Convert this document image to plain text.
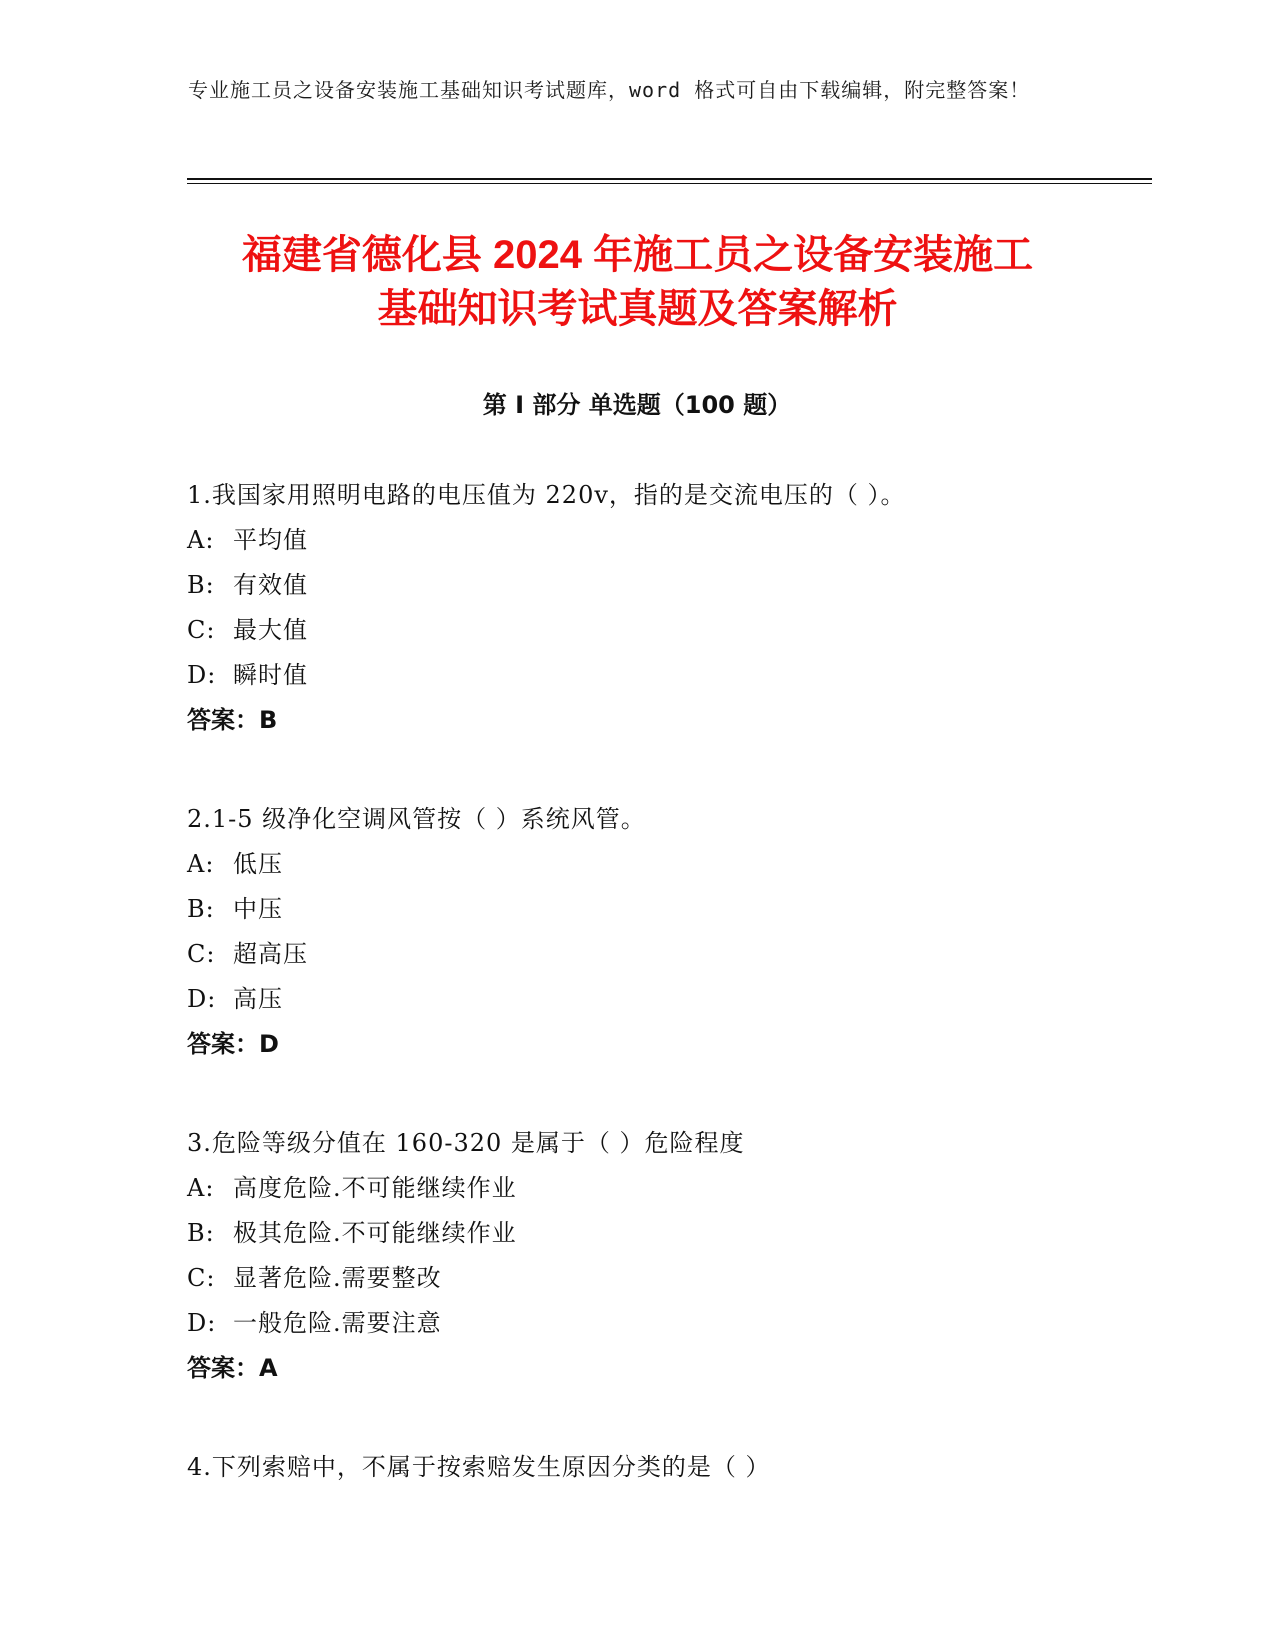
专业施工员之设备安装施工基础知识考试题库，word 格式可自由下载编辑，附完整答案！
福建省德化县 2024 年施工员之设备安装施工
基础知识考试真题及答案解析
第 I 部分 单选题（100 题）
1.我国家用照明电路的电压值为 220v，指的是交流电压的（ ）。
A: 平均值
B: 有效值
C: 最大值
D: 瞬时值
答案：B
2.1-5 级净化空调风管按（ ）系统风管。
A: 低压
B: 中压
C: 超高压
D: 高压
答案：D
3.危险等级分值在 160-320 是属于（ ）危险程度
A: 高度危险.不可能继续作业
B: 极其危险.不可能继续作业
C: 显著危险.需要整改
D: 一般危险.需要注意
答案：A
4.下列索赔中，不属于按索赔发生原因分类的是（ ）
